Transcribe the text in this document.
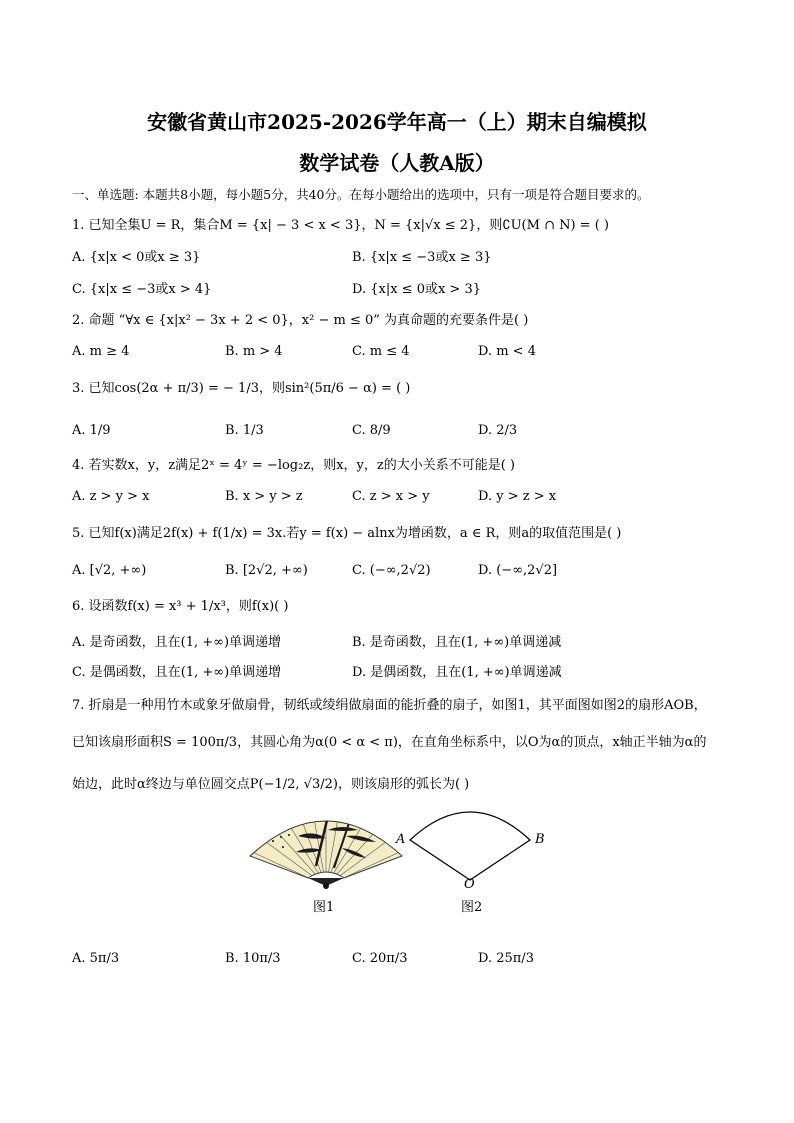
安徽省黄山市2025-2026学年高一（上）期末自编模拟
数学试卷（人教A版）
一、单选题: 本题共8小题，每小题5分，共40分。在每小题给出的选项中，只有一项是符合题目要求的。
1. 已知全集U = R，集合M = {x| − 3 < x < 3}，N = {x|√x ≤ 2}，则∁U(M ∩ N) = ( )
A. {x|x < 0或x ≥ 3}	B. {x|x ≤ −3或x ≥ 3}
C. {x|x ≤ −3或x > 4}	D. {x|x ≤ 0或x > 3}
2. 命题 “∀x ∈ {x|x² − 3x + 2 < 0}，x² − m ≤ 0” 为真命题的充要条件是( )
A. m ≥ 4	B. m > 4	C. m ≤ 4	D. m < 4
3. 已知cos(2α + π/3) = − 1/3，则sin²(5π/6 − α) = ( )
A. 1/9	B. 1/3	C. 8/9	D. 2/3
4. 若实数x，y，z满足2ˣ = 4ʸ = −log₂z，则x，y，z的大小关系不可能是( )
A. z > y > x	B. x > y > z	C. z > x > y	D. y > z > x
5. 已知f(x)满足2f(x) + f(1/x) = 3x.若y = f(x) − alnx为增函数，a ∈ R，则a的取值范围是( )
A. [√2, +∞)	B. [2√2, +∞)	C. (−∞,2√2)	D. (−∞,2√2]
6. 设函数f(x) = x³ + 1/x³，则f(x)( )
A. 是奇函数，且在(1, +∞)单调递增	B. 是奇函数，且在(1, +∞)单调递减
C. 是偶函数，且在(1, +∞)单调递增	D. 是偶函数，且在(1, +∞)单调递减
7. 折扇是一种用竹木或象牙做扇骨，韧纸或绫绢做扇面的能折叠的扇子，如图1，其平面图如图2的扇形AOB，
已知该扇形面积S = 100π/3，其圆心角为α(0 < α < π)，在直角坐标系中，以O为α的顶点，x轴正半轴为α的
始边，此时α终边与单位圆交点P(−1/2, √3/2)，则该扇形的弧长为( )
图1
A	B
O
图2
A. 5π/3	B. 10π/3	C. 20π/3	D. 25π/3
